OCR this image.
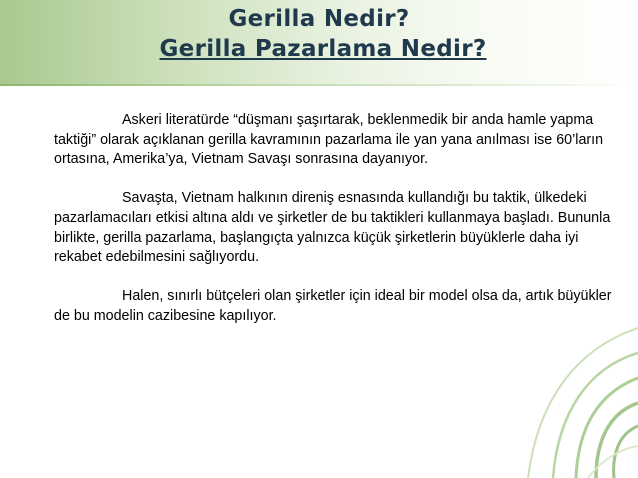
Gerilla Nedir?
Gerilla Pazarlama Nedir?

Askeri literatürde “düşmanı şaşırtarak, beklenmedik bir anda hamle yapma taktiği” olarak açıklanan gerilla kavramının pazarlama ile yan yana anılması ise 60’ların ortasına, Amerika’ya, Vietnam Savaşı sonrasına dayanıyor.

Savaşta, Vietnam halkının direniş esnasında kullandığı bu taktik, ülkedeki pazarlamacıları etkisi altına aldı ve şirketler de bu taktikleri kullanmaya başladı. Bununla birlikte, gerilla pazarlama, başlangıçta yalnızca küçük şirketlerin büyüklerle daha iyi rekabet edebilmesini sağlıyordu.

Halen, sınırlı bütçeleri olan şirketler için ideal bir model olsa da, artık büyükler de bu modelin cazibesine kapılıyor.
